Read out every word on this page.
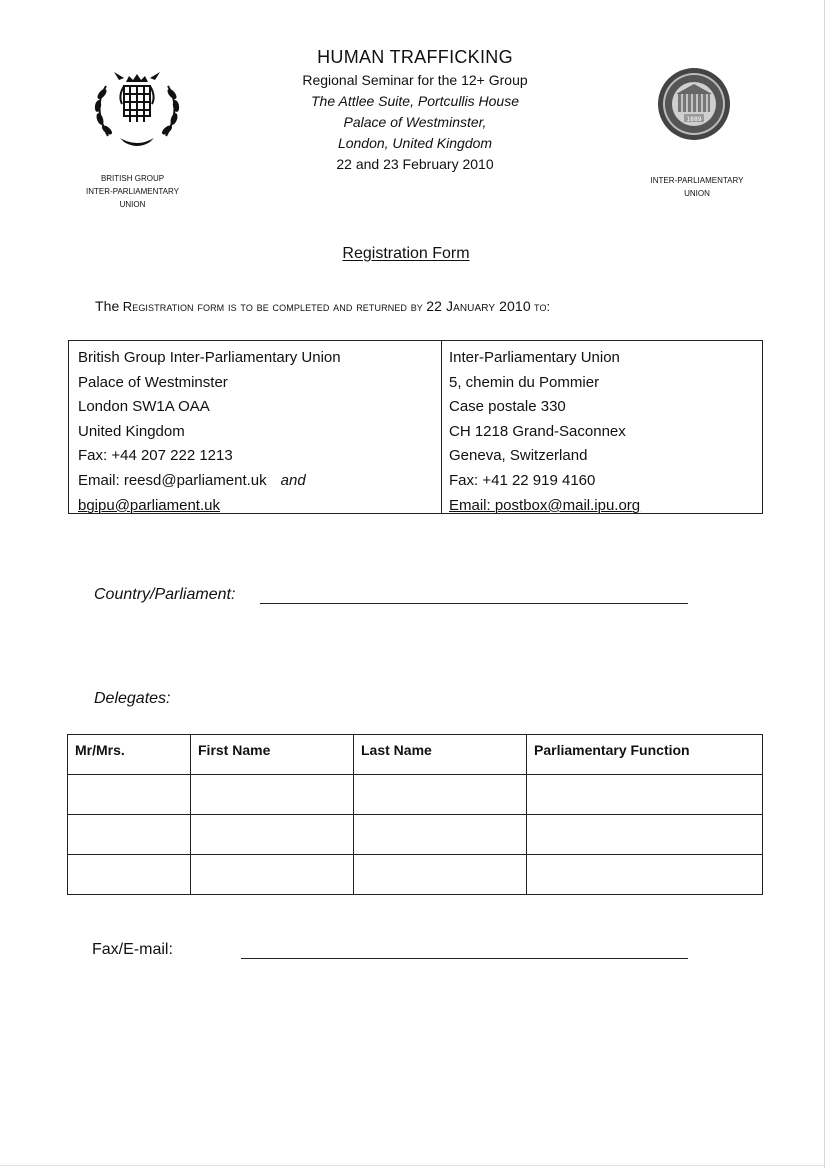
BRITISH GROUP
INTER-PARLIAMENTARY
UNION
1889
INTER-PARLIAMENTARY
UNION
HUMAN TRAFFICKING
Regional Seminar for the 12+ Group
The Attlee Suite, Portcullis House
Palace of Westminster,
London, United Kingdom
22 and 23 February 2010
Registration Form
The Registration form is to be completed and returned by 22 January 2010 to:
British Group Inter-Parliamentary Union
Palace of Westminster
London SW1A OAA
United Kingdom
Fax: +44 207 222 1213
Email: reesd@parliament.uk and
bgipu@parliament.uk
Inter-Parliamentary Union
5, chemin du Pommier
Case postale 330
CH 1218 Grand-Saconnex
Geneva, Switzerland
Fax: +41 22 919 4160
Email: postbox@mail.ipu.org
Country/Parliament:
Delegates:
Mr/Mrs.	First Name	Last Name	Parliamentary Function

Fax/E-mail:
